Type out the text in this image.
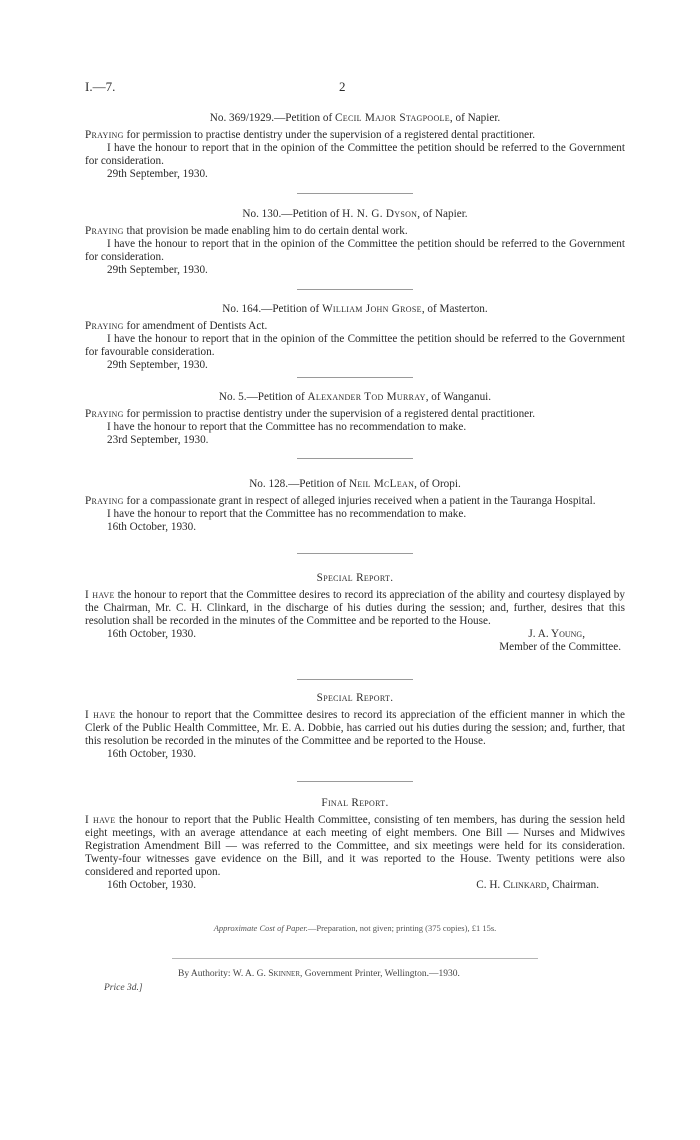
I.—7.	2
No. 369/1929.—Petition of Cecil Major Stagpoole, of Napier.

Praying for permission to practise dentistry under the supervision of a registered dental practitioner.

I have the honour to report that in the opinion of the Committee the petition should be referred to the Government for consideration.

29th September, 1930.

No. 130.—Petition of H. N. G. Dyson, of Napier.

Praying that provision be made enabling him to do certain dental work.

I have the honour to report that in the opinion of the Committee the petition should be referred to the Government for consideration.

29th September, 1930.

No. 164.—Petition of William John Grose, of Masterton.

Praying for amendment of Dentists Act.

I have the honour to report that in the opinion of the Committee the petition should be referred to the Government for favourable consideration.

29th September, 1930.

No. 5.—Petition of Alexander Tod Murray, of Wanganui.

Praying for permission to practise dentistry under the supervision of a registered dental practitioner.

I have the honour to report that the Committee has no recommendation to make.

23rd September, 1930.

No. 128.—Petition of Neil McLean, of Oropi.

Praying for a compassionate grant in respect of alleged injuries received when a patient in the Tauranga Hospital.

I have the honour to report that the Committee has no recommendation to make.

16th October, 1930.

Special Report.

I have the honour to report that the Committee desires to record its appreciation of the ability and courtesy displayed by the Chairman, Mr. C. H. Clinkard, in the discharge of his duties during the session; and, further, desires that this resolution shall be recorded in the minutes of the Committee and be reported to the House.

16th October, 1930.	J. A. Young,
Member of the Committee.
Special Report.

I have the honour to report that the Committee desires to record its appreciation of the efficient manner in which the Clerk of the Public Health Committee, Mr. E. A. Dobbie, has carried out his duties during the session; and, further, that this resolution be recorded in the minutes of the Committee and be reported to the House.

16th October, 1930.

Final Report.

I have the honour to report that the Public Health Committee, consisting of ten members, has during the session held eight meetings, with an average attendance at each meeting of eight members. One Bill — Nurses and Midwives Registration Amendment Bill — was referred to the Committee, and six meetings were held for its consideration. Twenty-four witnesses gave evidence on the Bill, and it was reported to the House. Twenty petitions were also considered and reported upon.

16th October, 1930.	C. H. Clinkard, Chairman.
Approximate Cost of Paper.—Preparation, not given; printing (375 copies), £1 15s.
By Authority: W. A. G. Skinner, Government Printer, Wellington.—1930.
Price 3d.]
